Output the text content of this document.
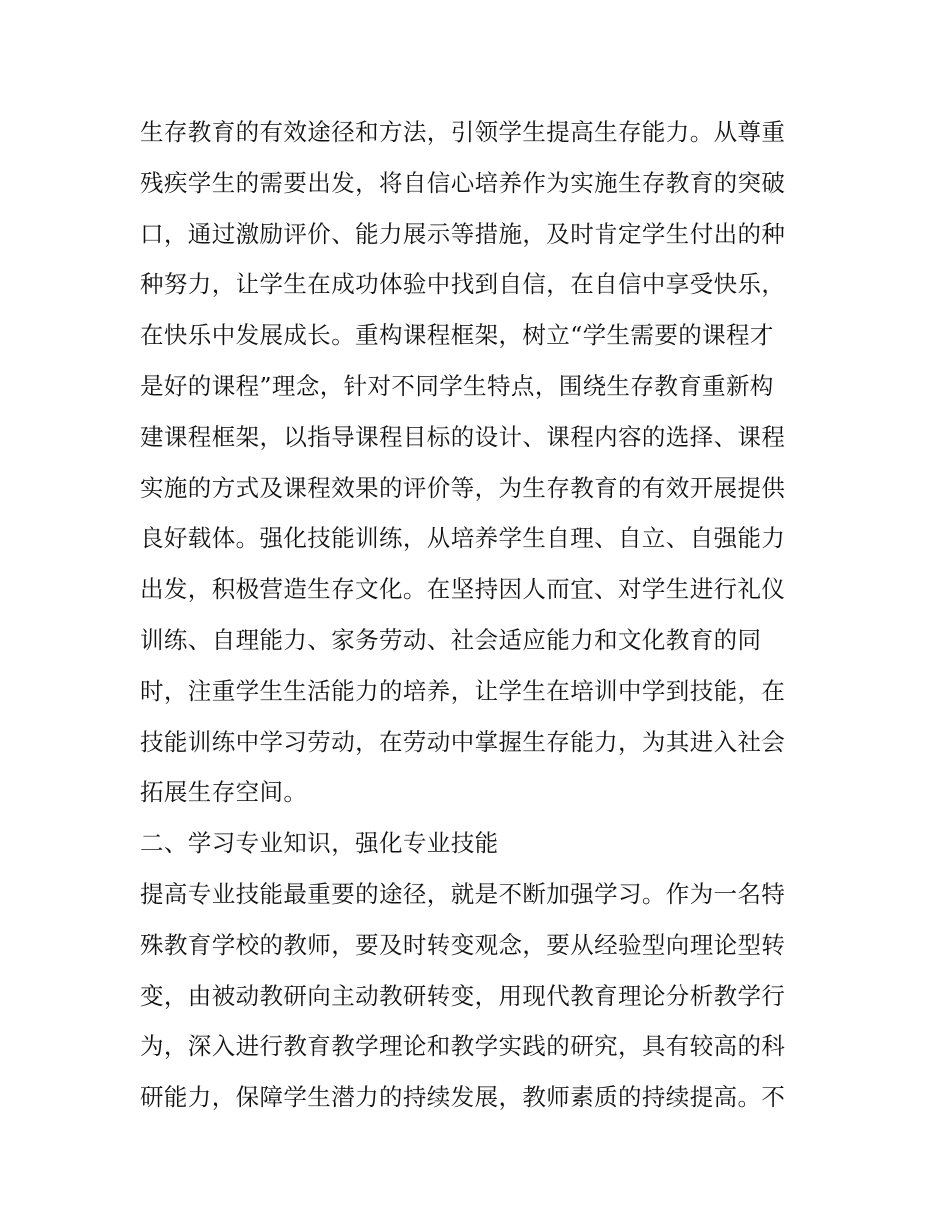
生存教育的有效途径和方法，引领学生提高生存能力。从尊重
残疾学生的需要出发，将自信心培养作为实施生存教育的突破
口，通过激励评价、能力展示等措施，及时肯定学生付出的种
种努力，让学生在成功体验中找到自信，在自信中享受快乐，
在快乐中发展成长。重构课程框架，树立“学生需要的课程才
是好的课程”理念，针对不同学生特点，围绕生存教育重新构
建课程框架，以指导课程目标的设计、课程内容的选择、课程
实施的方式及课程效果的评价等，为生存教育的有效开展提供
良好载体。强化技能训练，从培养学生自理、自立、自强能力
出发，积极营造生存文化。在坚持因人而宜、对学生进行礼仪
训练、自理能力、家务劳动、社会适应能力和文化教育的同
时，注重学生生活能力的培养，让学生在培训中学到技能，在
技能训练中学习劳动，在劳动中掌握生存能力，为其进入社会
拓展生存空间。
二、学习专业知识，强化专业技能
提高专业技能最重要的途径，就是不断加强学习。作为一名特
殊教育学校的教师，要及时转变观念，要从经验型向理论型转
变，由被动教研向主动教研转变，用现代教育理论分析教学行
为，深入进行教育教学理论和教学实践的研究，具有较高的科
研能力，保障学生潜力的持续发展，教师素质的持续提高。不
